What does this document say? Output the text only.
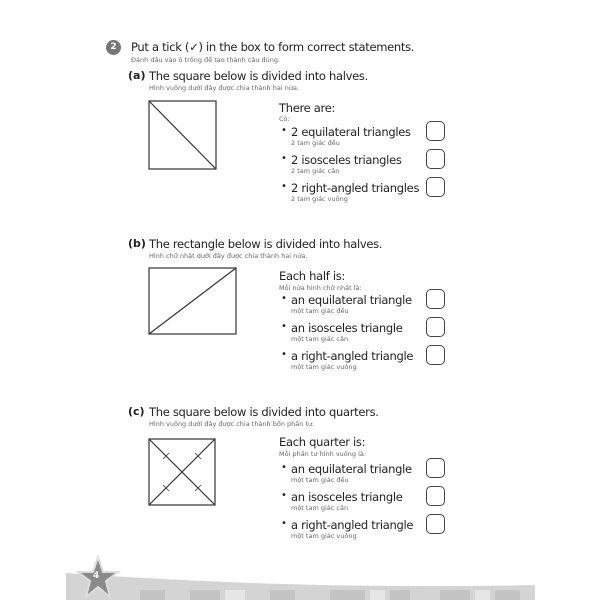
2	Put a tick (✓) in the box to form correct statements.
Đánh dấu vào ô trống để tạo thành câu đúng.
(a) The square below is divided into halves.
Hình vuông dưới đây được chia thành hai nửa.
There are:
Có:
(b) The rectangle below is divided into halves.
Hình chữ nhật dưới đây được chia thành hai nửa.
Each half is:
Mỗi nửa hình chữ nhật là:
(c) The square below is divided into quarters.
Hình vuông dưới đây được chia thành bốn phần tư.
Each quarter is:
Mỗi phần tư hình vuông là:
• 2 equilateral triangles
2 tam giác đều
• 2 isosceles triangles
2 tam giác cân
• 2 right-angled triangles
2 tam giác vuông
• an equilateral triangle
một tam giác đều
• an isosceles triangle
một tam giác cân
• a right-angled triangle
một tam giác vuông
• an equilateral triangle
một tam giác đều
• an isosceles triangle
một tam giác cân
• a right-angled triangle
một tam giác vuông
4
